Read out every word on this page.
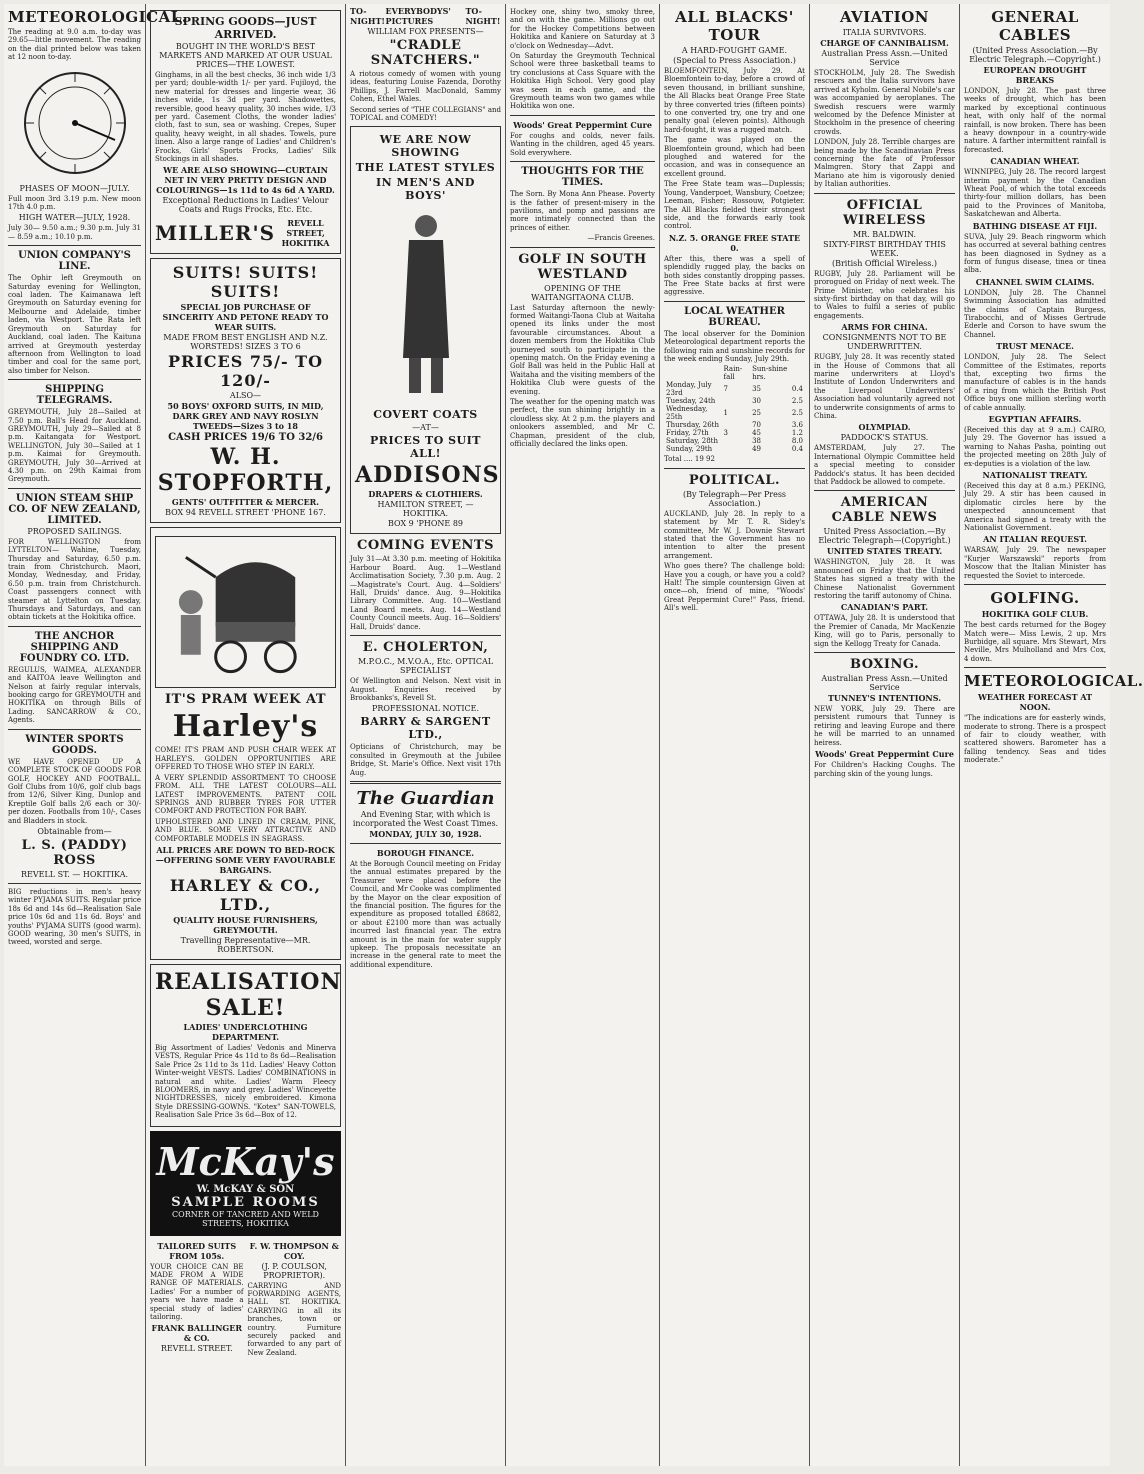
METEOROLOGICAL.
The reading at 9.0 a.m. to-day was 29.65—little movement. The reading on the dial printed below was taken at 12 noon to-day.
PHASES OF MOON—JULY.
Full moon 3rd 3.19 p.m. New moon 17th 4.0 p.m.
HIGH WATER—JULY, 1928.
July 30— 9.50 a.m.; 9.30 p.m. July 31— 8.59 a.m.; 10.10 p.m.
UNION COMPANY'S LINE.
The Ophir left Greymouth on Saturday evening for Wellington, coal laden. The Kaimanawa left Greymouth on Saturday evening for Melbourne and Adelaide, timber laden, via Westport. The Rata left Greymouth on Saturday for Auckland, coal laden. The Kaituna arrived at Greymouth yesterday afternoon from Wellington to load timber and coal for the same port, also timber for Nelson.
SHIPPING TELEGRAMS.
GREYMOUTH, July 28—Sailed at 7.50 p.m. Ball's Head for Auckland. GREYMOUTH, July 29—Sailed at 8 p.m. Kaitangata for Westport. WELLINGTON, July 30—Sailed at 1 p.m. Kaimai for Greymouth. GREYMOUTH, July 30—Arrived at 4.30 p.m. on 29th Kaimai from Greymouth.
UNION STEAM SHIP CO. OF NEW ZEALAND, LIMITED.
PROPOSED SAILINGS.
FOR WELLINGTON from LYTTELTON— Wahine, Tuesday, Thursday and Saturday, 6.50 p.m. train from Christchurch. Maori, Monday, Wednesday, and Friday, 6.50 p.m. train from Christchurch. Coast passengers connect with steamer at Lyttelton on Tuesday, Thursdays and Saturdays, and can obtain tickets at the Hokitika office.
THE ANCHOR SHIPPING AND FOUNDRY CO. LTD.
REGULUS, WAIMEA, ALEXANDER and KAITOA leave Wellington and Nelson at fairly regular intervals, booking cargo for GREYMOUTH and HOKITIKA on through Bills of Lading. SANCARROW & CO., Agents.
WINTER SPORTS GOODS.
WE HAVE OPENED UP A COMPLETE STOCK OF GOODS FOR GOLF, HOCKEY AND FOOTBALL. Golf Clubs from 10/6, golf club bags from 12/6, Silver King, Dunlop and Kreptile Golf balls 2/6 each or 30/- per dozen. Footballs from 10/-, Cases and Bladders in stock.
Obtainable from—
L. S. (PADDY) ROSS
REVELL ST. — HOKITIKA.
BIG reductions in men's heavy winter PYJAMA SUITS. Regular price 18s 6d and 14s 6d—Realisation Sale price 10s 6d and 11s 6d. Boys' and youths' PYJAMA SUITS (good warm). GOOD wearing, 30 men's SUITS, in tweed, worsted and serge.
SPRING GOODS—JUST ARRIVED.
BOUGHT IN THE WORLD'S BEST MARKETS AND MARKED AT OUR USUAL PRICES—THE LOWEST.
Ginghams, in all the best checks, 36 inch wide 1/3 per yard; double-width 1/- per yard. Fujiloyd, the new material for dresses and lingerie wear, 36 inches wide, 1s 3d per yard. Shadowettes, reversible, good heavy quality, 30 inches wide, 1/3 per yard. Casement Cloths, the wonder ladies' cloth, fast to sun, sea or washing. Crepes, Super quality, heavy weight, in all shades. Towels, pure linen. Also a large range of Ladies' and Children's Frocks, Girls' Sports Frocks, Ladies' Silk Stockings in all shades.
WE ARE ALSO SHOWING—CURTAIN NET IN VERY PRETTY DESIGN AND COLOURINGS—1s 11d to 4s 6d A YARD.
Exceptional Reductions in Ladies' Velour Coats and Rugs Frocks, Etc. Etc.
MILLER'S	REVELL STREET, HOKITIKA
SUITS! SUITS! SUITS!
SPECIAL JOB PURCHASE OF SINCERITY AND PETONE READY TO WEAR SUITS.
MADE FROM BEST ENGLISH AND N.Z. WORSTEDS! SIZES 3 TO 6
PRICES 75/- TO 120/-
ALSO—
50 BOYS' OXFORD SUITS, IN MID, DARK GREY AND NAVY ROSLYN TWEEDS—Sizes 3 to 18
CASH PRICES 19/6 TO 32/6
W. H. STOPFORTH,
GENTS' OUTFITTER & MERCER.
BOX 94 REVELL STREET 'PHONE 167.
IT'S PRAM WEEK AT
Harley's
COME! IT'S PRAM AND PUSH CHAIR WEEK AT HARLEY'S. GOLDEN OPPORTUNITIES ARE OFFERED TO THOSE WHO STEP IN EARLY.
A VERY SPLENDID ASSORTMENT TO CHOOSE FROM. ALL THE LATEST COLOURS—ALL LATEST IMPROVEMENTS. PATENT COIL SPRINGS AND RUBBER TYRES FOR UTTER COMFORT AND PROTECTION FOR BABY.
UPHOLSTERED AND LINED IN CREAM, PINK, AND BLUE. SOME VERY ATTRACTIVE AND COMFORTABLE MODELS IN SEAGRASS.
ALL PRICES ARE DOWN TO BED-ROCK—OFFERING SOME VERY FAVOURABLE BARGAINS.
HARLEY & CO., LTD.,
QUALITY HOUSE FURNISHERS, GREYMOUTH.
Travelling Representative—MR. ROBERTSON.
REALISATION SALE!
LADIES' UNDERCLOTHING DEPARTMENT.
Big Assortment of Ladies' Vedonis and Minerva VESTS, Regular Price 4s 11d to 8s 6d—Realisation Sale Price 2s 11d to 3s 11d. Ladies' Heavy Cotton Winter-weight VESTS. Ladies' COMBINATIONS in natural and white. Ladies' Warm Fleecy BLOOMERS, in navy and grey. Ladies' Winceyette NIGHTDRESSES, nicely embroidered. Kimona Style DRESSING-GOWNS. "Kotex" SAN-TOWELS, Realisation Sale Price 3s 6d—Box of 12.
McKay's
W. McKAY & SON
SAMPLE ROOMS
CORNER OF TANCRED AND WELD STREETS, HOKITIKA
TAILORED SUITS FROM 105s.
YOUR CHOICE CAN BE MADE FROM A WIDE RANGE OF MATERIALS. Ladies' For a number of years we have made a special study of ladies' tailoring.
FRANK BALLINGER & CO.
REVELL STREET.
F. W. THOMPSON & COY.
(J. P. COULSON, PROPRIETOR).
CARRYING AND FORWARDING AGENTS, HALL ST. HOKITIKA. CARRYING in all its branches, town or country. Furniture securely packed and forwarded to any part of New Zealand.
TO-NIGHT!
EVERYBODYS' PICTURES
TO-NIGHT!
WILLIAM FOX PRESENTS—
"CRADLE SNATCHERS."
A riotous comedy of women with young ideas, featuring Louise Fazenda, Dorothy Phillips, J. Farrell MacDonald, Sammy Cohen, Ethel Wales.
Second series of "THE COLLEGIANS" and TOPICAL and COMEDY!
WE ARE NOW SHOWING
THE LATEST STYLES
IN MEN'S AND BOYS'
COVERT COATS
—AT—
PRICES TO SUIT ALL!
ADDISONS
DRAPERS & CLOTHIERS.
HAMILTON STREET, — HOKITIKA.
BOX 9 'PHONE 89
COMING EVENTS
July 31—At 3.30 p.m. meeting of Hokitika Harbour Board. Aug. 1—Westland Acclimatisation Society, 7.30 p.m. Aug. 2—Magistrate's Court. Aug. 4—Soldiers' Hall, Druids' dance. Aug. 9—Hokitika Library Committee. Aug. 10—Westland Land Board meets. Aug. 14—Westland County Council meets. Aug. 16—Soldiers' Hall, Druids' dance.
E. CHOLERTON,
M.P.O.C., M.V.O.A., Etc. OPTICAL SPECIALIST
Of Wellington and Nelson. Next visit in August. Enquiries received by Brookbanks's, Revell St.
PROFESSIONAL NOTICE.
BARRY & SARGENT LTD.,
Opticians of Christchurch, may be consulted in Greymouth at the Jubilee Bridge, St. Marie's Office. Next visit 17th Aug.
The Guardian
And Evening Star, with which is incorporated the West Coast Times.
MONDAY, JULY 30, 1928.
BOROUGH FINANCE.
At the Borough Council meeting on Friday the annual estimates prepared by the Treasurer were placed before the Council, and Mr Cooke was complimented by the Mayor on the clear exposition of the financial position. The figures for the expenditure as proposed totalled £8682, or about £2100 more than was actually incurred last financial year. The extra amount is in the main for water supply upkeep. The proposals necessitate an increase in the general rate to meet the additional expenditure.
Hockey one, shiny two, smoky three, and on with the game. Millions go out for the Hockey Competitions between Hokitika and Kaniere on Saturday at 3 o'clock on Wednesday—Advt.
On Saturday the Greymouth Technical School were three basketball teams to try conclusions at Cass Square with the Hokitika High School. Very good play was seen in each game, and the Greymouth teams won two games while Hokitika won one.
Woods' Great Peppermint Cure
For coughs and colds, never fails. Wanting in the children, aged 45 years. Sold everywhere.
THOUGHTS FOR THE TIMES.
The Sorn. By Mona Ann Phease. Poverty is the father of present-misery in the pavilions, and pomp and passions are more intimately connected than the princes of either.
—Francis Greenes.
GOLF IN SOUTH WESTLAND
OPENING OF THE WAITANGITAONA CLUB.
Last Saturday afternoon the newly-formed Waitangi-Taona Club at Waitaha opened its links under the most favourable circumstances. About a dozen members from the Hokitika Club journeyed south to participate in the opening match. On the Friday evening a Golf Ball was held in the Public Hall at Waitaha and the visiting members of the Hokitika Club were guests of the evening.
The weather for the opening match was perfect, the sun shining brightly in a cloudless sky. At 2 p.m. the players and onlookers assembled, and Mr C. Chapman, president of the club, officially declared the links open.
ALL BLACKS' TOUR
A HARD-FOUGHT GAME.
(Special to Press Association.)
BLOEMFONTEIN, July 29. At Bloemfontein to-day, before a crowd of seven thousand, in brilliant sunshine, the All Blacks beat Orange Free State by three converted tries (fifteen points) to one converted try, one try and one penalty goal (eleven points). Although hard-fought, it was a rugged match.
The game was played on the Bloemfontein ground, which had been ploughed and watered for the occasion, and was in consequence an excellent ground.
The Free State team was—Duplessis; Young, Vanderpoet, Wansbury, Coetzee; Leeman, Fisher; Rossouw, Potgieter. The All Blacks fielded their strongest side, and the forwards early took control.
N.Z. 5. ORANGE FREE STATE 0.
After this, there was a spell of splendidly rugged play, the backs on both sides constantly dropping passes. The Free State backs at first were aggressive.
LOCAL WEATHER BUREAU.
The local observer for the Dominion Meteorological department reports the following rain and sunshine records for the week ending Sunday, July 29th.
	Rain-fall	Sun-shine hrs.	
Monday, July 23rd	7	35	0.4
Tuesday, 24th		30	2.5
Wednesday, 25th	1	25	2.5
Thursday, 26th		70	3.6
Friday, 27th	3	45	1.2
Saturday, 28th		38	8.0
Sunday, 29th		49	0.4
Total .... 19 92
POLITICAL.
(By Telegraph—Per Press Association.)
AUCKLAND, July 28. In reply to a statement by Mr T. R. Sidey's committee, Mr W. J. Downie Stewart stated that the Government has no intention to alter the present arrangement.
Who goes there? The challenge bold: Have you a cough, or have you a cold? Halt! The simple countersign Given at once—oh, friend of mine, "Woods' Great Peppermint Cure!" Pass, friend. All's well.
AVIATION
ITALIA SURVIVORS.
CHARGE OF CANNIBALISM.
Australian Press Assn.—United Service
STOCKHOLM, July 28. The Swedish rescuers and the Italia survivors have arrived at Kyholm. General Nobile's car was accompanied by aeroplanes. The Swedish rescuers were warmly welcomed by the Defence Minister at Stockholm in the presence of cheering crowds.
LONDON, July 28. Terrible charges are being made by the Scandinavian Press concerning the fate of Professor Malmgren. Story that Zappi and Mariano ate him is vigorously denied by Italian authorities.
OFFICIAL WIRELESS
MR. BALDWIN.
SIXTY-FIRST BIRTHDAY THIS WEEK.
(British Official Wireless.)
RUGBY, July 28. Parliament will be prorogued on Friday of next week. The Prime Minister, who celebrates his sixty-first birthday on that day, will go to Wales to fulfil a series of public engagements.
ARMS FOR CHINA.
CONSIGNMENTS NOT TO BE UNDERWRITTEN.
RUGBY, July 28. It was recently stated in the House of Commons that all marine underwriters at Lloyd's Institute of London Underwriters and the Liverpool Underwriters' Association had voluntarily agreed not to underwrite consignments of arms to China.
OLYMPIAD.
PADDOCK'S STATUS.
AMSTERDAM, July 27. The International Olympic Committee held a special meeting to consider Paddock's status. It has been decided that Paddock be allowed to compete.
AMERICAN CABLE NEWS
United Press Association.—By Electric Telegraph—(Copyright.)
UNITED STATES TREATY.
WASHINGTON, July 28. It was announced on Friday that the United States has signed a treaty with the Chinese Nationalist Government restoring the tariff autonomy of China.
CANADIAN'S PART.
OTTAWA, July 28. It is understood that the Premier of Canada, Mr MacKenzie King, will go to Paris, personally to sign the Kellogg Treaty for Canada.
BOXING.
Australian Press Assn.—United Service
TUNNEY'S INTENTIONS.
NEW YORK, July 29. There are persistent rumours that Tunney is retiring and leaving Europe and there he will be married to an unnamed heiress.
Woods' Great Peppermint Cure
For Children's Hacking Coughs. The parching skin of the young lungs.
GENERAL CABLES
(United Press Association.—By Electric Telegraph.—Copyright.)
EUROPEAN DROUGHT BREAKS
LONDON, July 28. The past three weeks of drought, which has been marked by exceptional continuous heat, with only half of the normal rainfall, is now broken. There has been a heavy downpour in a country-wide nature. A farther intermittent rainfall is forecasted.
CANADIAN WHEAT.
WINNIPEG, July 28. The record largest interim payment by the Canadian Wheat Pool, of which the total exceeds thirty-four million dollars, has been paid to the Provinces of Manitoba, Saskatchewan and Alberta.
BATHING DISEASE AT FIJI.
SUVA, July 29. Beach ringworm which has occurred at several bathing centres has been diagnosed in Sydney as a form of fungus disease, tinea or tinea alba.
CHANNEL SWIM CLAIMS.
LONDON, July 28. The Channel Swimming Association has admitted the claims of Captain Burgess, Tirabocchi, and of Misses Gertrude Ederle and Corson to have swum the Channel.
TRUST MENACE.
LONDON, July 28. The Select Committee of the Estimates, reports that, excepting two firms the manufacture of cables is in the hands of a ring from which the British Post Office buys one million sterling worth of cable annually.
EGYPTIAN AFFAIRS.
(Received this day at 9 a.m.) CAIRO, July 29. The Governor has issued a warning to Nahas Pasha, pointing out the projected meeting on 28th July of ex-deputies is a violation of the law.
NATIONALIST TREATY.
(Received this day at 8 a.m.) PEKING, July 29. A stir has been caused in diplomatic circles here by the unexpected announcement that America had signed a treaty with the Nationalist Government.
AN ITALIAN REQUEST.
WARSAW, July 29. The newspaper "Kurjer Warszawski" reports from Moscow that the Italian Minister has requested the Soviet to intercede.
GOLFING.
HOKITIKA GOLF CLUB.
The best cards returned for the Bogey Match were— Miss Lewis, 2 up. Mrs Burbidge, all square. Mrs Stewart, Mrs Neville, Mrs Mulholland and Mrs Cox, 4 down.
METEOROLOGICAL.
WEATHER FORECAST AT NOON.
"The indications are for easterly winds, moderate to strong. There is a prospect of fair to cloudy weather, with scattered showers. Barometer has a falling tendency. Seas and tides moderate."
